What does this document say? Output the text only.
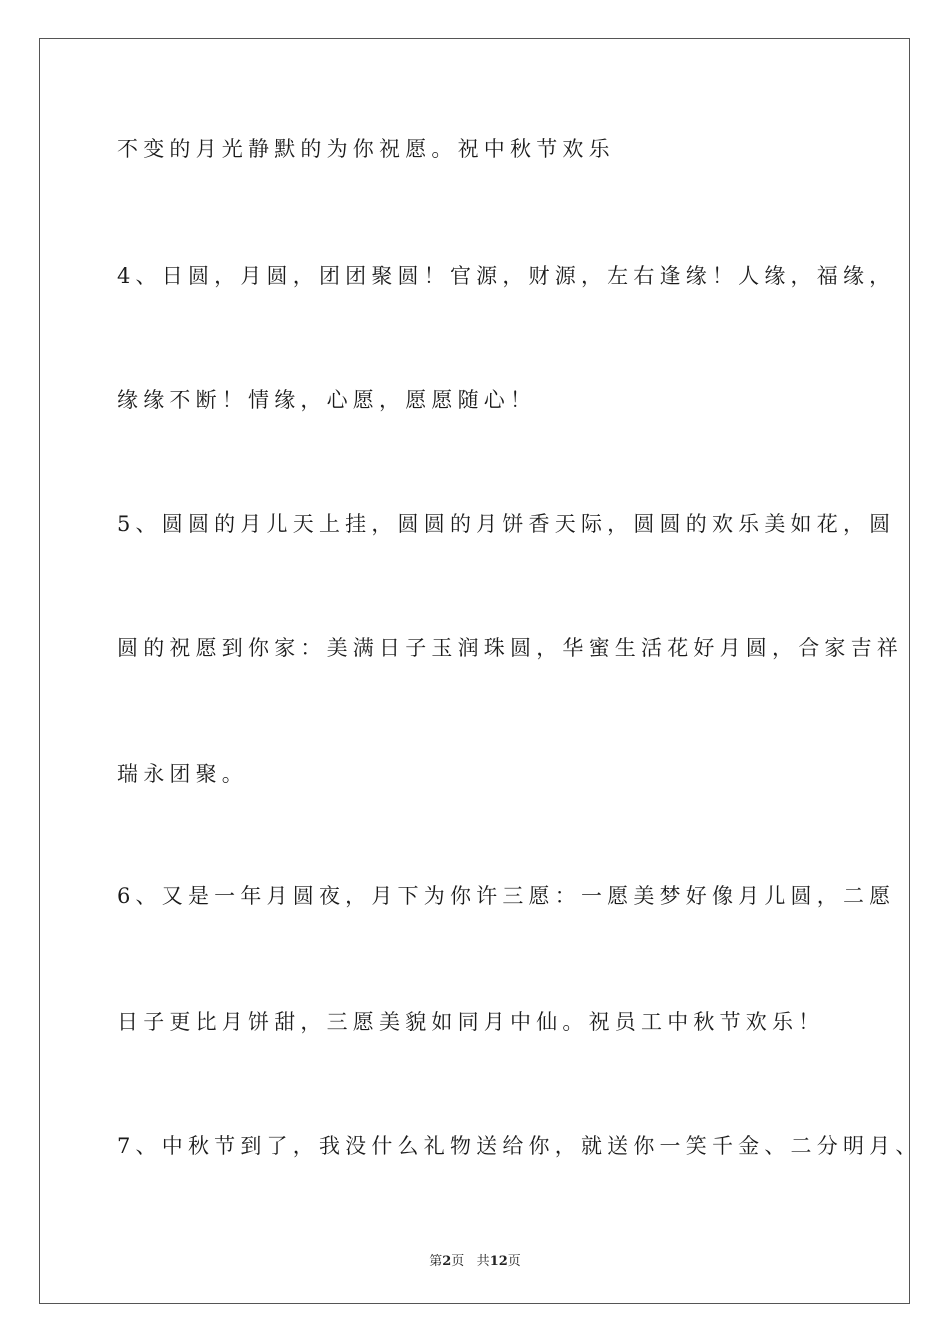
不变的月光静默的为你祝愿。祝中秋节欢乐
4、日圆，月圆，团团聚圆！官源，财源，左右逢缘！人缘，福缘，
缘缘不断！情缘，心愿，愿愿随心！
5、圆圆的月儿天上挂，圆圆的月饼香天际，圆圆的欢乐美如花，圆
圆的祝愿到你家：美满日子玉润珠圆，华蜜生活花好月圆，合家吉祥
瑞永团聚。
6、又是一年月圆夜，月下为你许三愿：一愿美梦好像月儿圆，二愿
日子更比月饼甜，三愿美貌如同月中仙。祝员工中秋节欢乐！
7、中秋节到了，我没什么礼物送给你，就送你一笑千金、二分明月、
第2页 共12页
